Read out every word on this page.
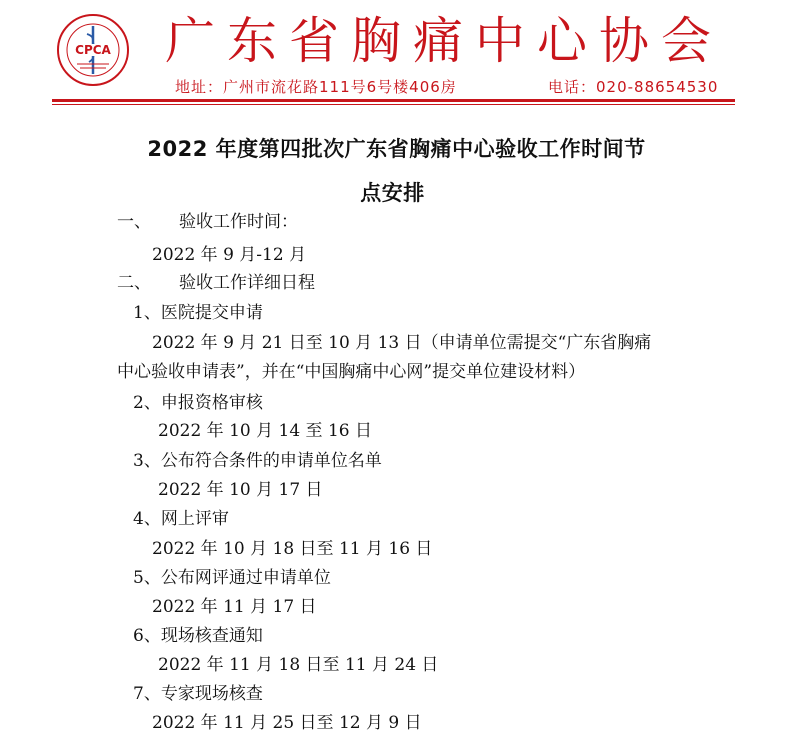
CPCA 广东省胸痛中心协会
地址：广州市流花路111号6号楼406房	电话：020-88654530
2022 年度第四批次广东省胸痛中心验收工作时间节
点安排
一、 验收工作时间：
2022 年 9 月-12 月
二、 验收工作详细日程
1、医院提交申请
2022 年 9 月 21 日至 10 月 13 日（申请单位需提交“广东省胸痛
中心验收申请表”，并在“中国胸痛中心网”提交单位建设材料）
2、申报资格审核
2022 年 10 月 14 至 16 日
3、公布符合条件的申请单位名单
2022 年 10 月 17 日
4、网上评审
2022 年 10 月 18 日至 11 月 16 日
5、公布网评通过申请单位
2022 年 11 月 17 日
6、现场核查通知
2022 年 11 月 18 日至 11 月 24 日
7、专家现场核查
2022 年 11 月 25 日至 12 月 9 日
